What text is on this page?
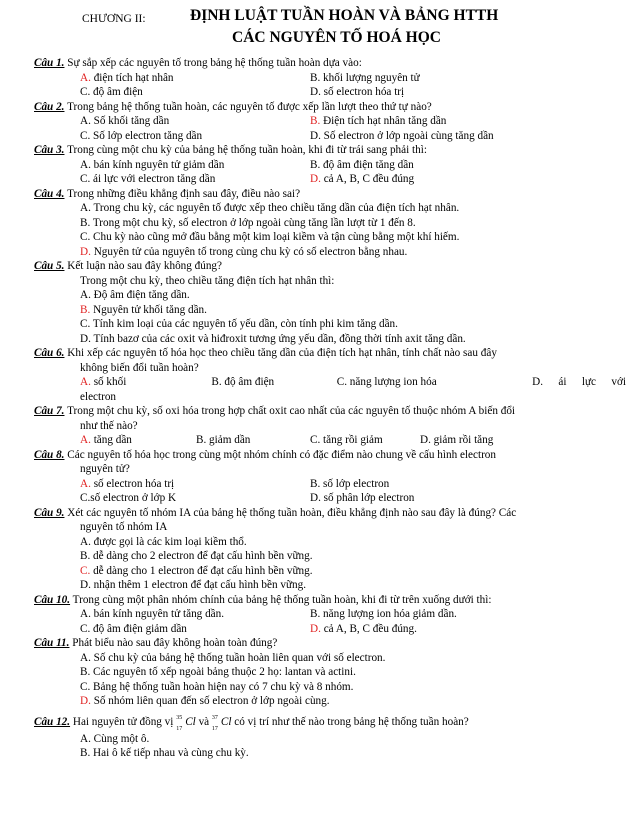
CHƯƠNG II:	ĐỊNH LUẬT TUẦN HOÀN VÀ BẢNG HTTH
CÁC NGUYÊN TỐ HOÁ HỌC
Câu 1. Sự sắp xếp các nguyên tố trong bảng hệ thống tuần hoàn dựa vào:
A. điện tích hạt nhân	B. khối lượng nguyên tử
C. độ âm điện	D. số electron hóa trị
Câu 2. Trong bảng hệ thống tuần hoàn, các nguyên tố được xếp lần lượt theo thứ tự nào?
A. Số khối tăng dần	B. Điện tích hạt nhân tăng dần
C. Số lớp electron tăng dần	D. Số electron ở lớp ngoài cùng tăng dần
Câu 3. Trong cùng một chu kỳ của bảng hệ thống tuần hoàn, khi đi từ trái sang phải thì:
A. bán kính nguyên tử giảm dần	B. độ âm điện tăng dần
C. ái lực với electron tăng dần	D. cả A, B, C đều đúng
Câu 4. Trong những điều khẳng định sau đây, điều nào sai?
A. Trong chu kỳ, các nguyên tố được xếp theo chiều tăng dần của điện tích hạt nhân.
B. Trong một chu kỳ, số electron ở lớp ngoài cùng tăng lần lượt từ 1 đến 8.
C. Chu kỳ nào cũng mở đầu bằng một kim loại kiềm và tận cùng bằng một khí hiếm.
D. Nguyên tử của nguyên tố trong cùng chu kỳ có số electron bằng nhau.
Câu 5. Kết luận nào sau đây không đúng?
Trong một chu kỳ, theo chiều tăng điện tích hạt nhân thì:
A. Độ âm điện tăng dần.
B. Nguyên tử khối tăng dần.
C. Tính kim loại của các nguyên tố yếu dần, còn tính phi kim tăng dần.
D. Tính bazơ của các oxit và hiđroxit tương ứng yếu dần, đồng thời tính axit tăng dần.
Câu 6. Khi xếp các nguyên tố hóa học theo chiều tăng dần của điện tích hạt nhân, tính chất nào sau đây
không biến đổi tuần hoàn?
A. số khối	B. độ âm điện	C. năng lượng ion hóa	D. ái lực với
electron
Câu 7. Trong một chu kỳ, số oxi hóa trong hợp chất oxit cao nhất của các nguyên tố thuộc nhóm A biến đổi
như thế nào?
A. tăng dần	B. giảm dần	C. tăng rồi giảm	D. giảm rồi tăng
Câu 8. Các nguyên tố hóa học trong cùng một nhóm chính có đặc điểm nào chung về cấu hình electron
nguyên tử?
A. số electron hóa trị	B. số lớp electron
C.số electron ở lớp K	D. số phân lớp electron
Câu 9. Xét các nguyên tố nhóm IA của bảng hệ thống tuần hoàn, điều khẳng định nào sau đây là đúng? Các
nguyên tố nhóm IA
A. được gọi là các kim loại kiềm thổ.
B. dễ dàng cho 2 electron để đạt cấu hình bền vững.
C. dễ dàng cho 1 electron để đạt cấu hình bền vững.
D. nhận thêm 1 electron để đạt cấu hình bền vững.
Câu 10. Trong cùng một phân nhóm chính của bảng hệ thống tuần hoàn, khi đi từ trên xuống dưới thì:
A. bán kính nguyên tử tăng dần.	B. năng lượng ion hóa giảm dần.
C. độ âm điện giảm dần	D. cả A, B, C đều đúng.
Câu 11. Phát biểu nào sau đây không hoàn toàn đúng?
A. Số chu kỳ của bảng hệ thống tuần hoàn liên quan với số electron.
B. Các nguyên tố xếp ngoài bảng thuộc 2 họ: lantan và actini.
C. Bảng hệ thống tuần hoàn hiện nay có 7 chu kỳ và 8 nhóm.
D. Số nhóm liên quan đến số electron ở lớp ngoài cùng.
Câu 12. Hai nguyên tử đồng vị 35
17
Cl và 37
17
Cl có vị trí như thế nào trong bảng hệ thống tuần hoàn?
A. Cùng một ô.
B. Hai ô kế tiếp nhau và cùng chu kỳ.
